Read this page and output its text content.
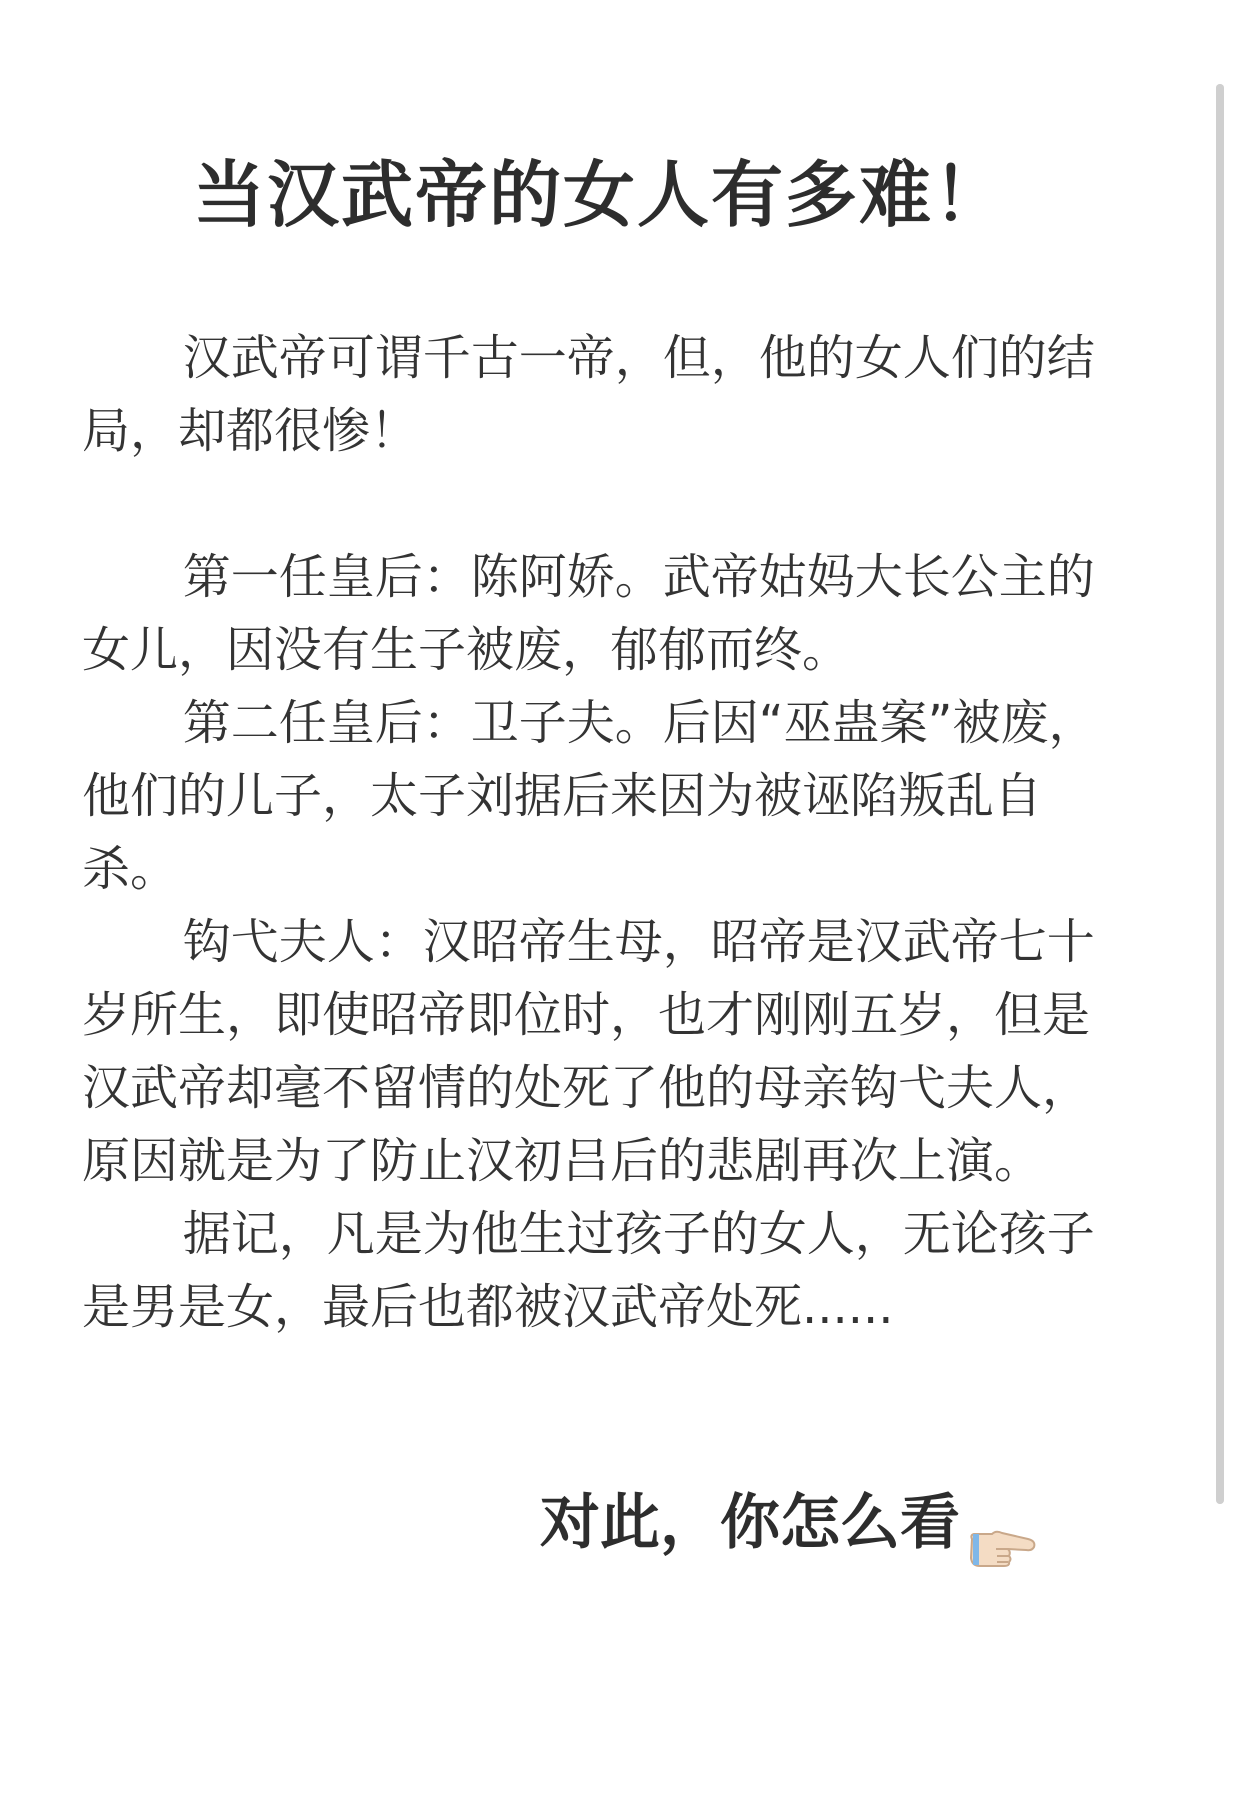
当汉武帝的女人有多难！

汉武帝可谓千古一帝，但，他的女人们的结局，却都很惨！

第一任皇后：陈阿娇。武帝姑妈大长公主的女儿，因没有生子被废，郁郁而终。

第二任皇后：卫子夫。后因“巫蛊案”被废，他们的儿子，太子刘据后来因为被诬陷叛乱自杀。

钩弋夫人：汉昭帝生母，昭帝是汉武帝七十岁所生，即使昭帝即位时，也才刚刚五岁，但是汉武帝却毫不留情的处死了他的母亲钩弋夫人，原因就是为了防止汉初吕后的悲剧再次上演。

据记，凡是为他生过孩子的女人，无论孩子是男是女，最后也都被汉武帝处死......

对此，你怎么看
